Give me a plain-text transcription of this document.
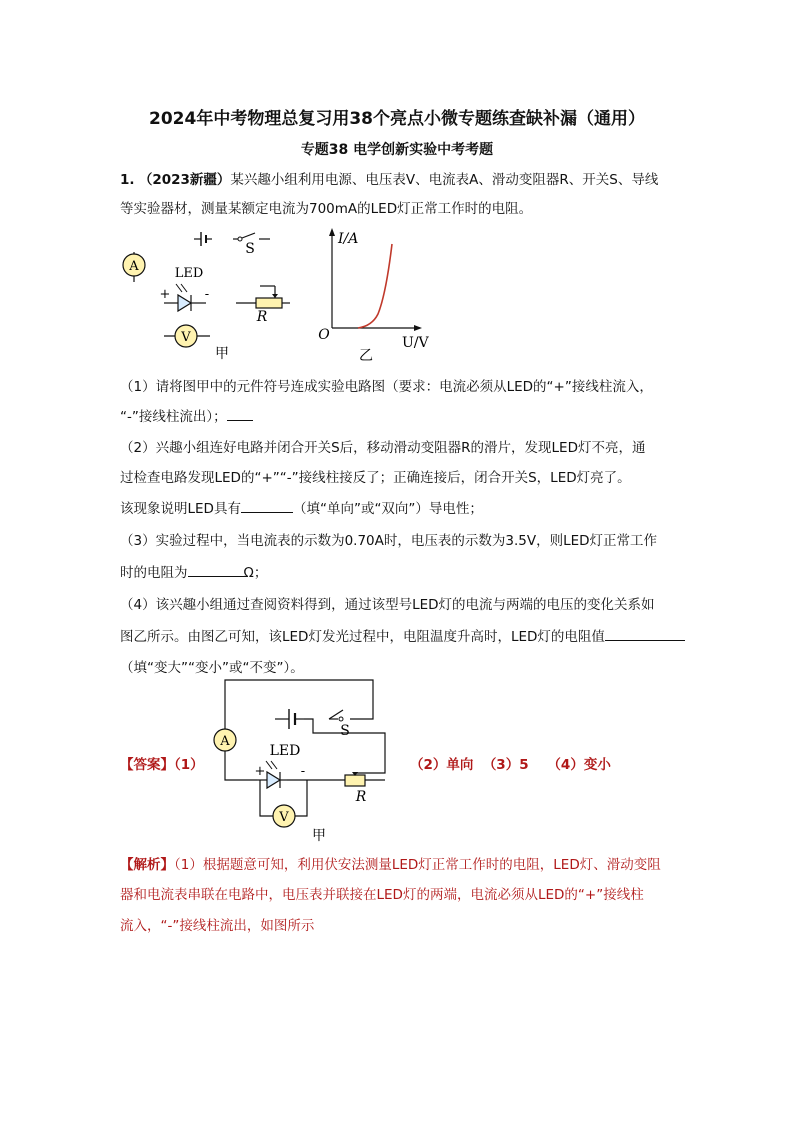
2024年中考物理总复习用38个亮点小微专题练查缺补漏（通用）
专题38 电学创新实验中考考题
1. （2023新疆）某兴趣小组利用电源、电压表V、电流表A、滑动变阻器R、开关S、导线
等实验器材，测量某额定电流为700mA的LED灯正常工作时的电阻。
A
S
LED
+	-
V
甲
R
I/A
U/V
O
乙
（1）请将图甲中的元件符号连成实验电路图（要求：电流必须从LED的“+”接线柱流入，
“-”接线柱流出）；
（2）兴趣小组连好电路并闭合开关S后，移动滑动变阻器R的滑片，发现LED灯不亮，通
过检查电路发现LED的“+”“-”接线柱接反了；正确连接后，闭合开关S，LED灯亮了。
该现象说明LED具有	（填“单向”或“双向”）导电性；
（3）实验过程中，当电流表的示数为0.70A时，电压表的示数为3.5V，则LED灯正常工作
时的电阻为	Ω；
（4）该兴趣小组通过查阅资料得到，通过该型号LED灯的电流与两端的电压的变化关系如
图乙所示。由图乙可知，该LED灯发光过程中，电阻温度升高时，LED灯的电阻值
（填“变大”“变小”或“不变”）。
【答案】（1）
S
A
LED
+	-
R
V
甲
（2）单向 （3）5 （4）变小
【解析】（1）根据题意可知，利用伏安法测量LED灯正常工作时的电阻，LED灯、滑动变阻
器和电流表串联在电路中，电压表并联接在LED灯的两端，电流必须从LED的“+”接线柱
流入，“-”接线柱流出，如图所示
